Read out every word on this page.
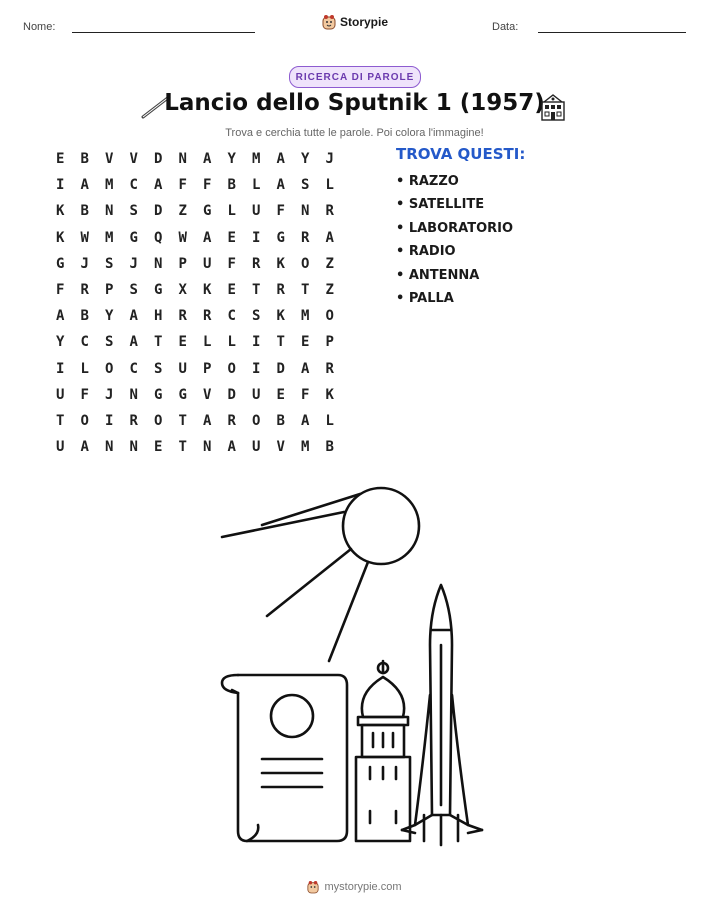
Nome:	Storypie	Data:
RICERCA DI PAROLE
Lancio dello Sputnik 1 (1957)
Trova e cerchia tutte le parole. Poi colora l'immagine!
E	B	V	V	D	N	A	Y	M	A	Y	J
I	A	M	C	A	F	F	B	L	A	S	L
K	B	N	S	D	Z	G	L	U	F	N	R
K	W	M	G	Q	W	A	E	I	G	R	A
G	J	S	J	N	P	U	F	R	K	O	Z
F	R	P	S	G	X	K	E	T	R	T	Z
A	B	Y	A	H	R	R	C	S	K	M	O
Y	C	S	A	T	E	L	L	I	T	E	P
I	L	O	C	S	U	P	O	I	D	A	R
U	F	J	N	G	G	V	D	U	E	F	K
T	O	I	R	O	T	A	R	O	B	A	L
U	A	N	N	E	T	N	A	U	V	M	B
TROVA QUESTI:
• RAZZO
• SATELLITE
• LABORATORIO
• RADIO
• ANTENNA
• PALLA
mystorypie.com
